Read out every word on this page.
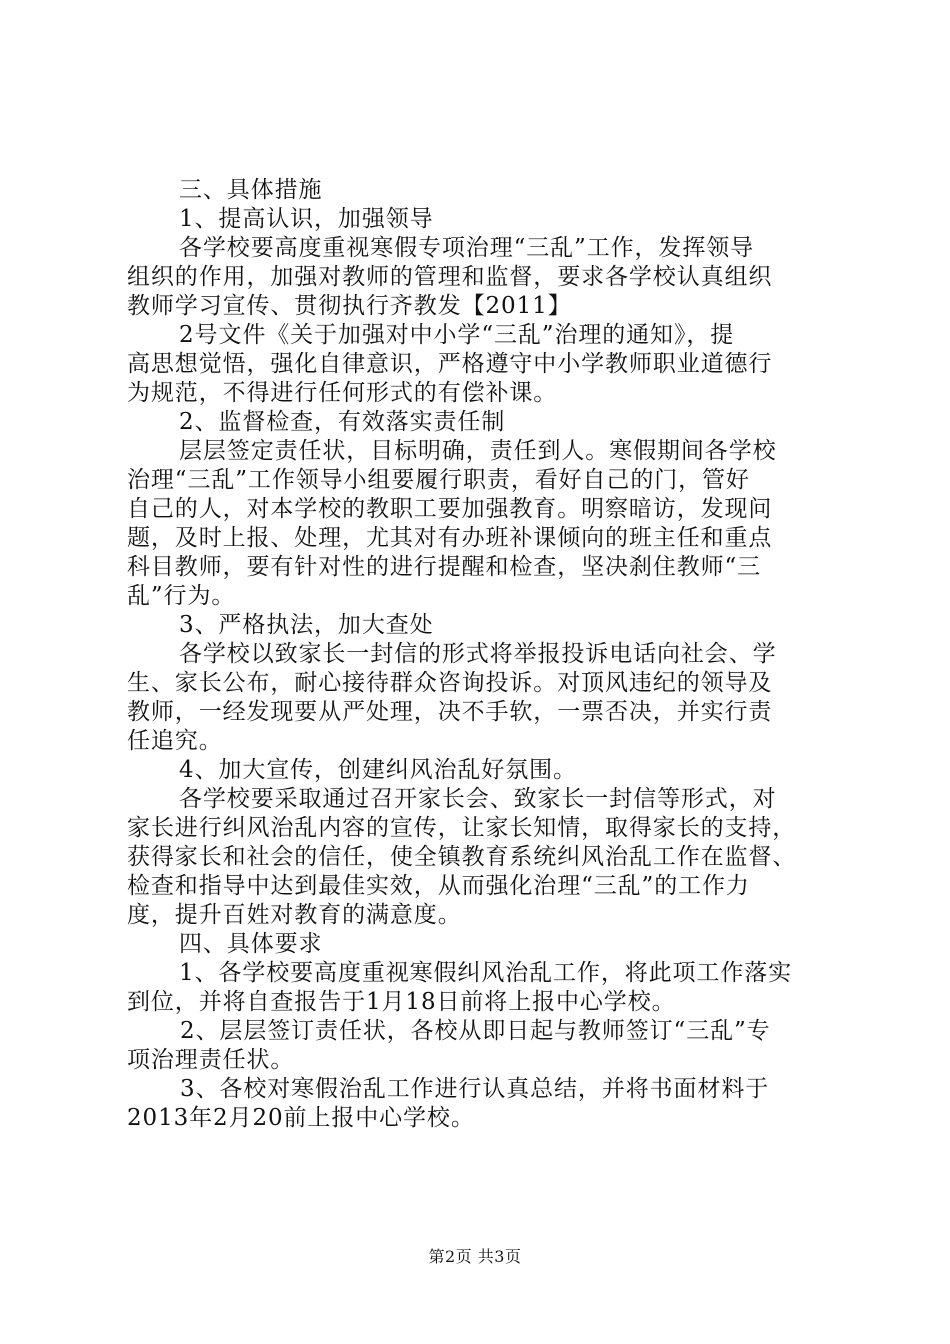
三、具体措施
1、提高认识，加强领导
各学校要高度重视寒假专项治理“三乱”工作，发挥领导
组织的作用，加强对教师的管理和监督，要求各学校认真组织
教师学习宣传、贯彻执行齐教发【2011】
2号文件《关于加强对中小学“三乱”治理的通知》，提
高思想觉悟，强化自律意识，严格遵守中小学教师职业道德行
为规范，不得进行任何形式的有偿补课。
2、监督检查，有效落实责任制
层层签定责任状，目标明确，责任到人。寒假期间各学校
治理“三乱”工作领导小组要履行职责，看好自己的门，管好
自己的人，对本学校的教职工要加强教育。明察暗访，发现问
题，及时上报、处理，尤其对有办班补课倾向的班主任和重点
科目教师，要有针对性的进行提醒和检查，坚决刹住教师“三
乱”行为。
3、严格执法，加大查处
各学校以致家长一封信的形式将举报投诉电话向社会、学
生、家长公布，耐心接待群众咨询投诉。对顶风违纪的领导及
教师，一经发现要从严处理，决不手软，一票否决，并实行责
任追究。
4、加大宣传，创建纠风治乱好氛围。
各学校要采取通过召开家长会、致家长一封信等形式，对
家长进行纠风治乱内容的宣传，让家长知情，取得家长的支持，
获得家长和社会的信任，使全镇教育系统纠风治乱工作在监督、
检查和指导中达到最佳实效，从而强化治理“三乱”的工作力
度，提升百姓对教育的满意度。
四、具体要求
1、各学校要高度重视寒假纠风治乱工作，将此项工作落实
到位，并将自查报告于1月18日前将上报中心学校。
2、层层签订责任状，各校从即日起与教师签订“三乱”专
项治理责任状。
3、各校对寒假治乱工作进行认真总结，并将书面材料于
2013年2月20前上报中心学校。
第2页 共3页
